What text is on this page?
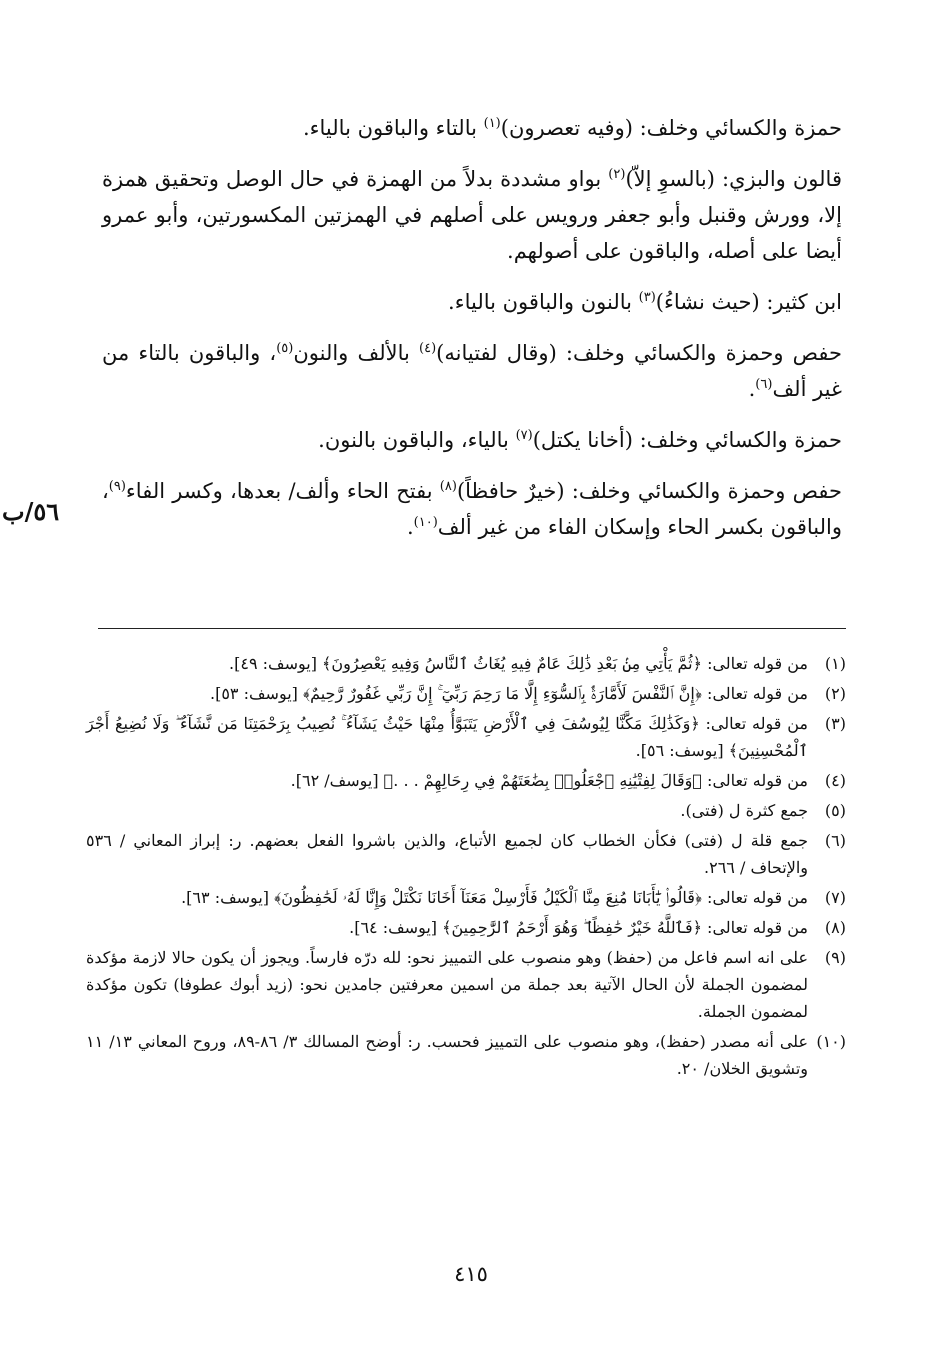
٥٦/ب

حمزة والكسائي وخلف: (وفيه تعصرون)$^{(١)}$ بالتاء والباقون بالياء.

قالون والبزي: (بالسوِ إلاّ)$^{(٢)}$ بواو مشددة بدلاً من الهمزة في حال الوصل وتحقيق همزة إلا، وورش وقنبل وأبو جعفر ورويس على أصلهم في الهمزتين المكسورتين، وأبو عمرو أيضا على أصله، والباقون على أصولهم.

ابن كثير: (حيث نشاءُ)$^{(٣)}$ بالنون والباقون بالياء.

حفص وحمزة والكسائي وخلف: (وقال لفتيانه)$^{(٤)}$ بالألف والنون$^{(٥)}$، والباقون بالتاء من غير ألف$^{(٦)}$.

حمزة والكسائي وخلف: (أخانا يكتل)$^{(٧)}$ بالياء، والباقون بالنون.

حفص وحمزة والكسائي وخلف: (خيرٌ حافظاً)$^{(٨)}$ بفتح الحاء وألف/ بعدها، وكسر الفاء$^{(٩)}$، والباقون بكسر الحاء وإسكان الفاء من غير ألف$^{(١٠)}$.

(١)
من قوله تعالى: ﴿ثُمَّ يَأْتِي مِنۢ بَعْدِ ذَٰلِكَ عَامٌ فِيهِ يُغَاثُ ٱلنَّاسُ وَفِيهِ يَعْصِرُونَ﴾ [يوسف: ٤٩].
(٢)
من قوله تعالى: ﴿إِنَّ ٱلنَّفْسَ لَأَمَّارَةٌۢ بِٱلسُّوٓءِ إِلَّا مَا رَحِمَ رَبِّيٓ ۚ إِنَّ رَبِّي غَفُورٌ رَّحِيمٌ﴾ [يوسف: ٥٣].
(٣)
من قوله تعالى: ﴿وَكَذَٰلِكَ مَكَّنَّا لِيُوسُفَ فِي ٱلْأَرْضِ يَتَبَوَّأُ مِنْهَا حَيْثُ يَشَآءُ ۚ نُصِيبُ بِرَحْمَتِنَا مَن نَّشَآءُ ۖ وَلَا نُضِيعُ أَجْرَ ٱلْمُحْسِنِينَ﴾ [يوسف: ٥٦].
(٤)
من قوله تعالى: ﴿وَقَالَ لِفِتْيَٰنِهِ ٱجْعَلُوا۟ بِضَٰعَتَهُمْ فِي رِحَالِهِمْ . . .﴾ [يوسف/ ٦٢].
(٥)
جمع كثرة ل (فتى).
(٦)
جمع قلة ل (فتى) فكأن الخطاب كان لجميع الأتباع، والذين باشروا الفعل بعضهم. ر: إبراز المعاني / ٥٣٦ والإتحاف / ٢٦٦.
(٧)
من قوله تعالى: ﴿قَالُوا۟ يَٰٓأَبَانَا مُنِعَ مِنَّا ٱلْكَيْلُ فَأَرْسِلْ مَعَنَآ أَخَانَا نَكْتَلْ وَإِنَّا لَهُۥ لَحَٰفِظُونَ﴾ [يوسف: ٦٣].
(٨)
من قوله تعالى: ﴿فَٱللَّهُ خَيْرٌ حَٰفِظًا ۖ وَهُوَ أَرْحَمُ ٱلرَّٰحِمِينَ﴾ [يوسف: ٦٤].
(٩)
على انه اسم فاعل من (حفظ) وهو منصوب على التمييز نحو: لله درّه فارساً. ويجوز أن يكون حالا لازمة مؤكدة لمضمون الجملة لأن الحال الآتية بعد جملة من اسمين معرفتين جامدين نحو: (زيد أبوك عطوفا) تكون مؤكدة لمضمون الجملة.
(١٠)
على أنه مصدر (حفظ)، وهو منصوب على التمييز فحسب. ر: أوضح المسالك ٣/ ٨٦-٨٩، وروح المعاني ١٣/ ١١ وتشويق الخلان/ ٢٠.
٤١٥
